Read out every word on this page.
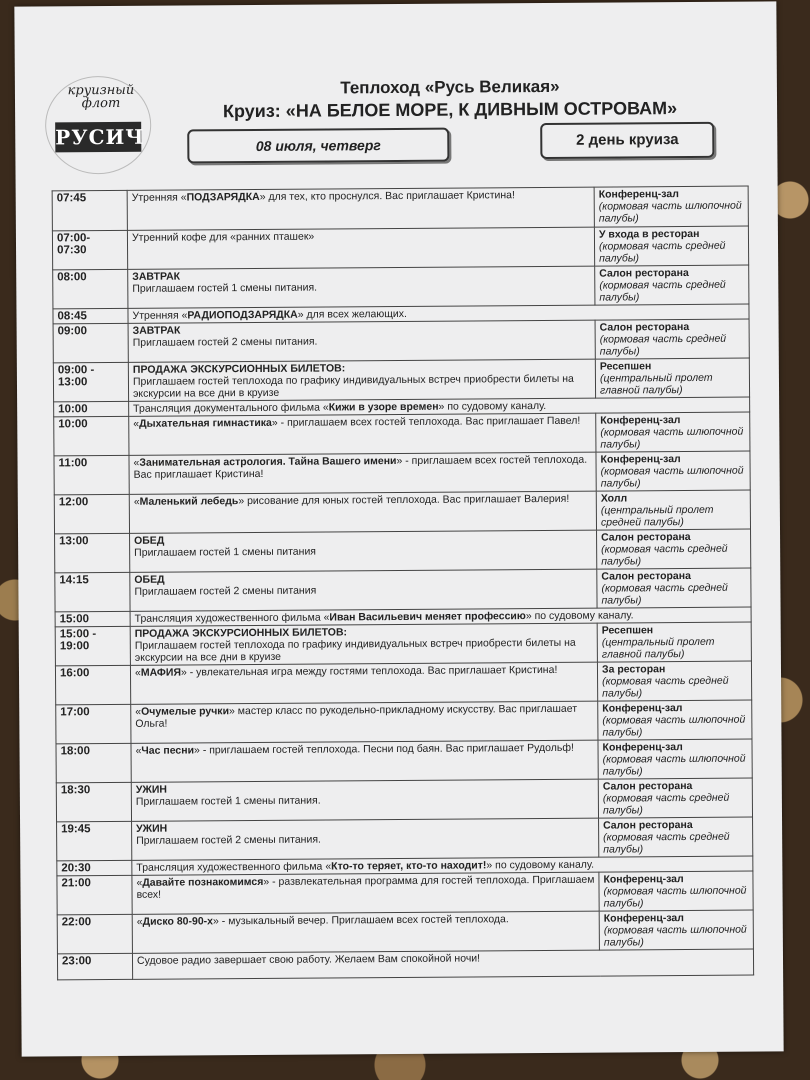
круизный флот
РУСИЧ
Теплоход «Русь Великая»
Круиз: «НА БЕЛОЕ МОРЕ, К ДИВНЫМ ОСТРОВАМ»
08 июля, четверг	2 день круиза
07:45	Утренняя «ПОДЗАРЯДКА» для тех, кто проснулся. Вас приглашает Кристина!	Конференц-зал
(кормовая часть шлюпочной палубы)

07:00-
07:30	Утренний кофе для «ранних пташек»	У входа в ресторан
(кормовая часть средней палубы)

08:00	ЗАВТРАК
Приглашаем гостей 1 смены питания.	Салон ресторана
(кормовая часть средней палубы)

08:45	Утренняя «РАДИОПОДЗАРЯДКА» для всех желающих.	
09:00	ЗАВТРАК
Приглашаем гостей 2 смены питания.	Салон ресторана
(кормовая часть средней палубы)

09:00 -
13:00	ПРОДАЖА ЭКСКУРСИОННЫХ БИЛЕТОВ:
Приглашаем гостей теплохода по графику индивидуальных встреч приобрести билеты на экскурсии на все дни в круизе	Ресепшен
(центральный пролет главной палубы)

10:00	Трансляция документального фильма «Кижи в узоре времен» по судовому каналу.	
10:00	«Дыхательная гимнастика» - приглашаем всех гостей теплохода. Вас приглашает Павел!	Конференц-зал
(кормовая часть шлюпочной палубы)

11:00	«Занимательная астрология. Тайна Вашего имени» - приглашаем всех гостей теплохода. Вас приглашает Кристина!	Конференц-зал
(кормовая часть шлюпочной палубы)

12:00	«Маленький лебедь» рисование для юных гостей теплохода. Вас приглашает Валерия!	Холл
(центральный пролет средней палубы)

13:00	ОБЕД
Приглашаем гостей 1 смены питания	Салон ресторана
(кормовая часть средней палубы)

14:15	ОБЕД
Приглашаем гостей 2 смены питания	Салон ресторана
(кормовая часть средней палубы)

15:00	Трансляция художественного фильма «Иван Васильевич меняет профессию» по судовому каналу.	
15:00 -
19:00	ПРОДАЖА ЭКСКУРСИОННЫХ БИЛЕТОВ:
Приглашаем гостей теплохода по графику индивидуальных встреч приобрести билеты на экскурсии на все дни в круизе	Ресепшен
(центральный пролет главной палубы)

16:00	«МАФИЯ» - увлекательная игра между гостями теплохода. Вас приглашает Кристина!	За ресторан
(кормовая часть средней палубы)

17:00	«Очумелые ручки» мастер класс по рукодельно-прикладному искусству. Вас приглашает Ольга!	Конференц-зал
(кормовая часть шлюпочной палубы)

18:00	«Час песни» - приглашаем гостей теплохода. Песни под баян. Вас приглашает Рудольф!	Конференц-зал
(кормовая часть шлюпочной палубы)

18:30	УЖИН
Приглашаем гостей 1 смены питания.	Салон ресторана
(кормовая часть средней палубы)

19:45	УЖИН
Приглашаем гостей 2 смены питания.	Салон ресторана
(кормовая часть средней палубы)

20:30	Трансляция художественного фильма «Кто-то теряет, кто-то находит!» по судовому каналу.	
21:00	«Давайте познакомимся» - развлекательная программа для гостей теплохода. Приглашаем всех!	Конференц-зал
(кормовая часть шлюпочной палубы)

22:00	«Диско 80-90-х» - музыкальный вечер. Приглашаем всех гостей теплохода.	Конференц-зал
(кормовая часть шлюпочной палубы)

23:00	Судовое радио завершает свою работу. Желаем Вам спокойной ночи!	
